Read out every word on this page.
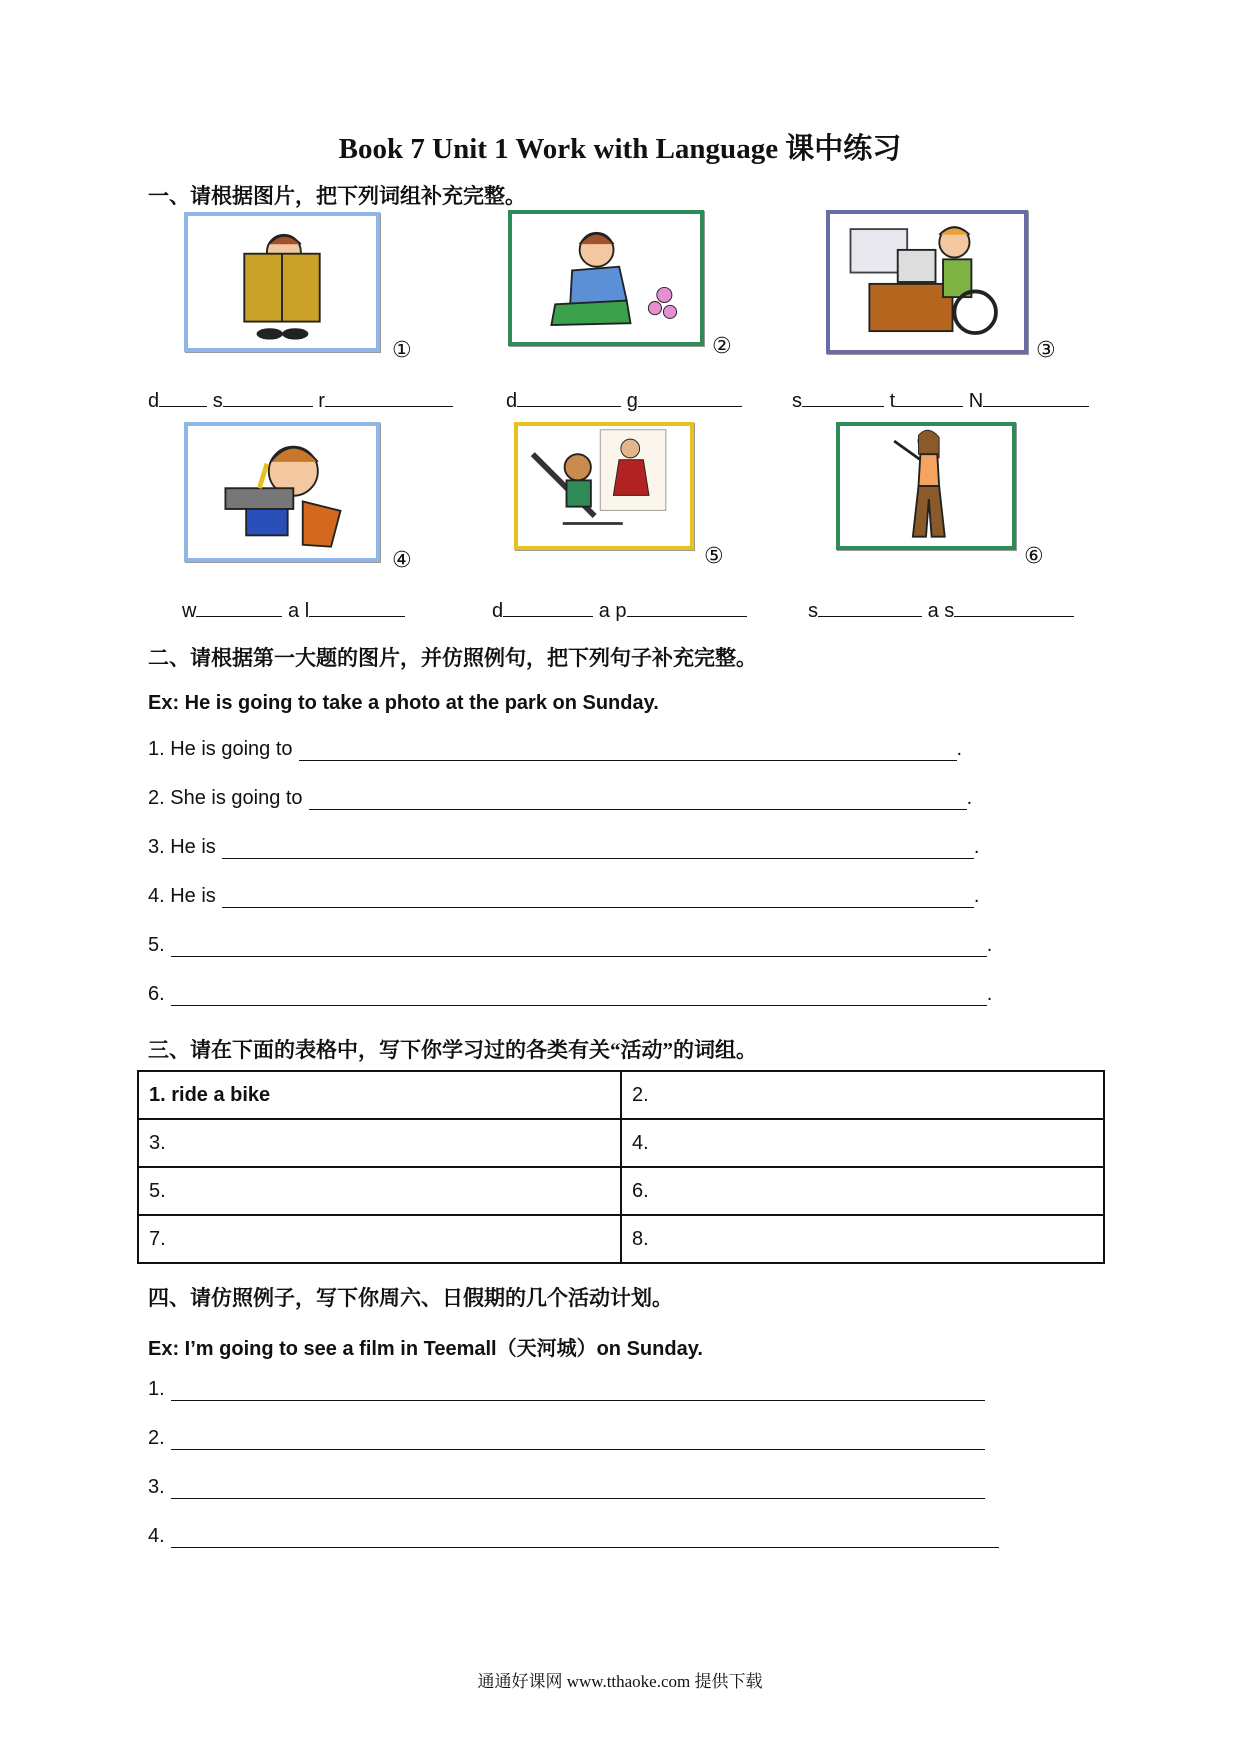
Book 7 Unit 1 Work with Language 课中练习
一、请根据图片，把下列词组补充完整。
①	②	③
d	s	r	d	g	s	t	N
④	⑤	⑥
w	a l	d	a p	s	a s
二、请根据第一大题的图片，并仿照例句，把下列句子补充完整。
Ex: He is going to take a photo at the park on Sunday.
1. He is going to	.
2. She is going to	.
3. He is	.
4. He is	.
5.	.
6.	.
三、请在下面的表格中，写下你学习过的各类有关“活动”的词组。
1. ride a bike	2.
3.	4.
5.	6.
7.	8.
四、请仿照例子，写下你周六、日假期的几个活动计划。
Ex: I’m going to see a film in Teemall（天河城）on Sunday.
1.
2.
3.
4.
通通好课网 www.tthaoke.com 提供下载
